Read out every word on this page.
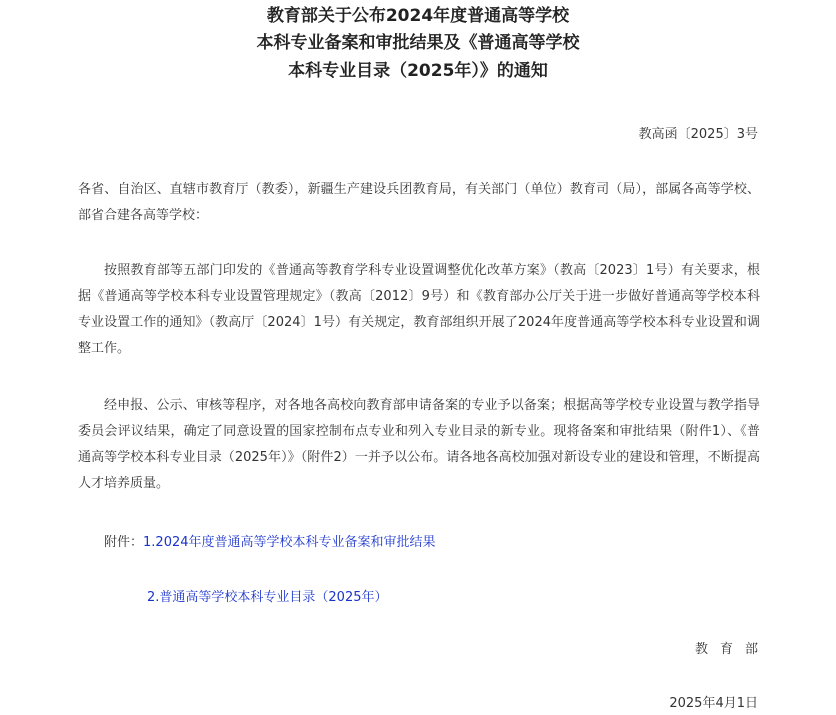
教育部关于公布2024年度普通高等学校
本科专业备案和审批结果及《普通高等学校
本科专业目录（2025年）》的通知
教高函〔2025〕3号
各省、自治区、直辖市教育厅（教委），新疆生产建设兵团教育局，有关部门（单位）教育司（局），部属各高等学校、部省合建各高等学校：
按照教育部等五部门印发的《普通高等教育学科专业设置调整优化改革方案》（教高〔2023〕1号）有关要求，根据《普通高等学校本科专业设置管理规定》（教高〔2012〕9号）和《教育部办公厅关于进一步做好普通高等学校本科专业设置工作的通知》（教高厅〔2024〕1号）有关规定，教育部组织开展了2024年度普通高等学校本科专业设置和调整工作。
经申报、公示、审核等程序，对各地各高校向教育部申请备案的专业予以备案；根据高等学校专业设置与教学指导委员会评议结果，确定了同意设置的国家控制布点专业和列入专业目录的新专业。现将备案和审批结果（附件1）、《普通高等学校本科专业目录（2025年）》（附件2）一并予以公布。请各地各高校加强对新设专业的建设和管理，不断提高人才培养质量。
附件：1.2024年度普通高等学校本科专业备案和审批结果
2.普通高等学校本科专业目录（2025年）
教育部
2025年4月1日
